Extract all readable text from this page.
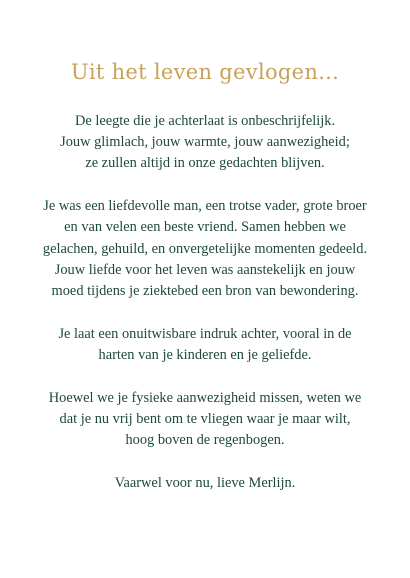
Uit het leven gevlogen...

De leegte die je achterlaat is onbeschrijfelijk.
Jouw glimlach, jouw warmte, jouw aanwezigheid;
ze zullen altijd in onze gedachten blijven.

Je was een liefdevolle man, een trotse vader, grote broer
en van velen een beste vriend. Samen hebben we
gelachen, gehuild, en onvergetelijke momenten gedeeld.
Jouw liefde voor het leven was aanstekelijk en jouw
moed tijdens je ziektebed een bron van bewondering.

Je laat een onuitwisbare indruk achter, vooral in de
harten van je kinderen en je geliefde.

Hoewel we je fysieke aanwezigheid missen, weten we
dat je nu vrij bent om te vliegen waar je maar wilt,
hoog boven de regenbogen.

Vaarwel voor nu, lieve Merlijn.
